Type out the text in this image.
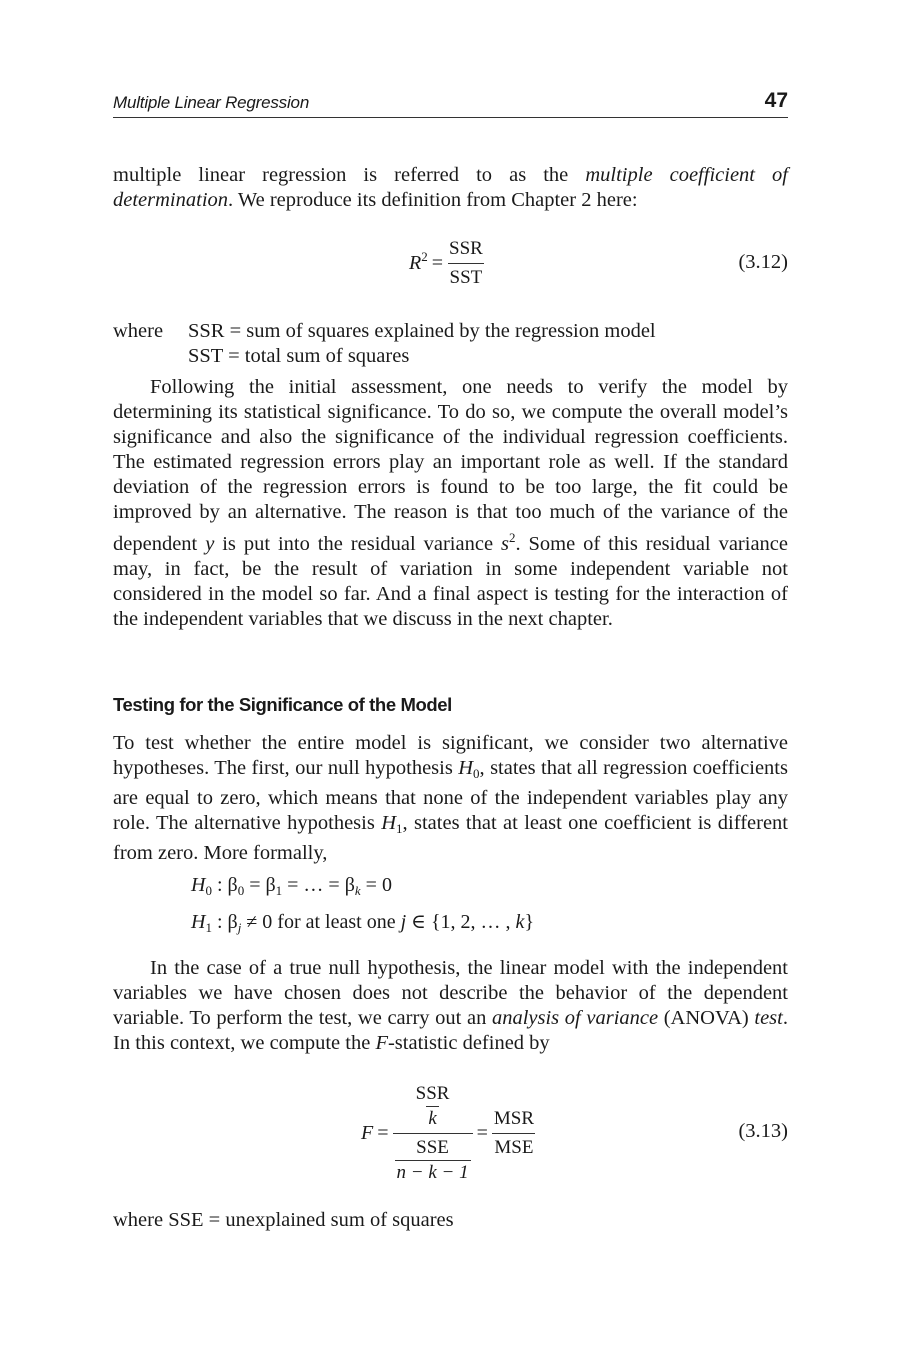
Multiple Linear Regression	47
multiple linear regression is referred to as the multiple coefficient of determination. We reproduce its definition from Chapter 2 here:
$R^2 = \frac{\text{SSR}}{\text{SST}}$	(3.12)
where SSR = sum of squares explained by the regression model
SST = total sum of squares
Following the initial assessment, one needs to verify the model by determining its statistical significance. To do so, we compute the overall model’s significance and also the significance of the individual regression coefficients. The estimated regression errors play an important role as well. If the standard deviation of the regression errors is found to be too large, the fit could be improved by an alternative. The reason is that too much of the variance of the dependent y is put into the residual variance $s^2$. Some of this residual variance may, in fact, be the result of variation in some independent variable not considered in the model so far. And a final aspect is testing for the interaction of the independent variables that we discuss in the next chapter.
Testing for the Significance of the Model
To test whether the entire model is significant, we consider two alternative hypotheses. The first, our null hypothesis $H_0$, states that all regression coefficients are equal to zero, which means that none of the independent variables play any role. The alternative hypothesis $H_1$, states that at least one coefficient is different from zero. More formally,
$H_0$ : $\beta_0 = \beta_1$ = … = $\beta_k = 0$
$H_1$ : $\beta_j \ne 0$ for at least one j ∈ {1, 2, … , k}
In the case of a true null hypothesis, the linear model with the independent variables we have chosen does not describe the behavior of the dependent variable. To perform the test, we carry out an analysis of variance (ANOVA) test. In this context, we compute the F-statistic defined by
$F = \frac{\frac{\text{SSR}}{k}}{\frac{\text{SSE}}{n - k - 1}} = \frac{\text{MSR}}{\text{MSE}}$	(3.13)
where SSE = unexplained sum of squares
